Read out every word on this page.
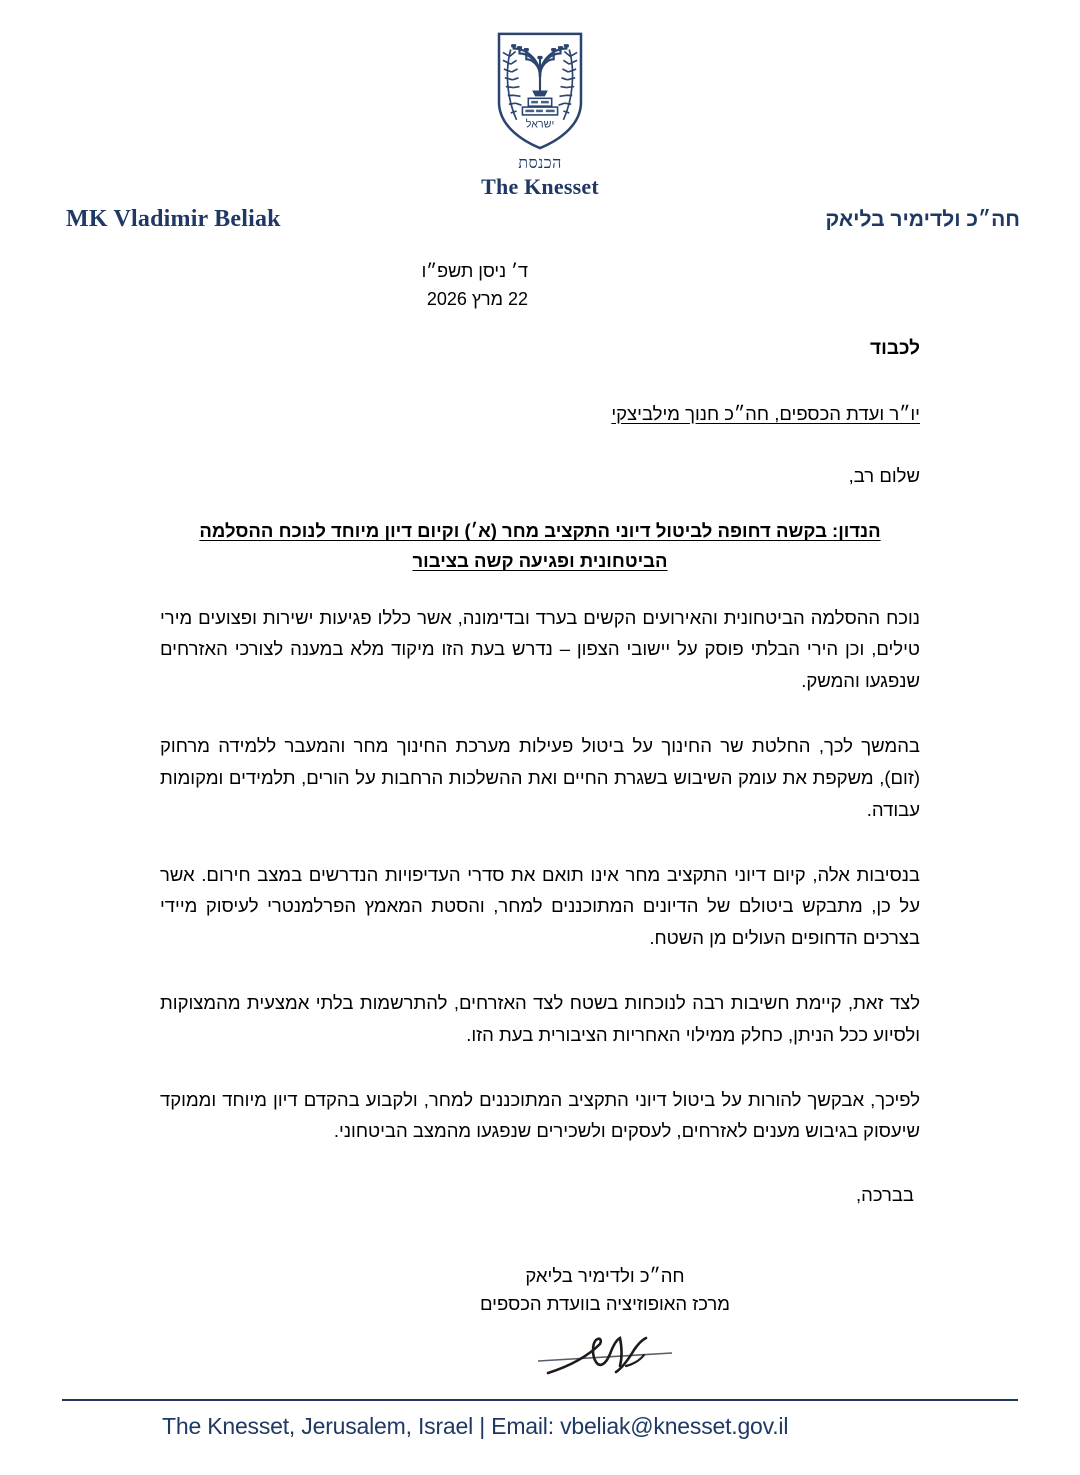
ישראל
הכנסת
The Knesset
MK Vladimir Beliak	חה״כ ולדימיר בליאק
ד׳ ניסן תשפ״ו
22 מרץ 2026
לכבוד
יו״ר ועדת הכספים, חה״כ חנוך מילביצקי
שלום רב,
הנדון: בקשה דחופה לביטול דיוני התקציב מחר (א׳) וקיום דיון מיוחד לנוכח ההסלמה הביטחונית ופגיעה קשה בציבור

נוכח ההסלמה הביטחונית והאירועים הקשים בערד ובדימונה, אשר כללו פגיעות ישירות ופצועים מירי טילים, וכן הירי הבלתי פוסק על יישובי הצפון – נדרש בעת הזו מיקוד מלא במענה לצורכי האזרחים שנפגעו והמשק.

בהמשך לכך, החלטת שר החינוך על ביטול פעילות מערכת החינוך מחר והמעבר ללמידה מרחוק (זום), משקפת את עומק השיבוש בשגרת החיים ואת ההשלכות הרחבות על הורים, תלמידים ומקומות עבודה.

בנסיבות אלה, קיום דיוני התקציב מחר אינו תואם את סדרי העדיפויות הנדרשים במצב חירום. אשר על כן, מתבקש ביטולם של הדיונים המתוכננים למחר, והסטת המאמץ הפרלמנטרי לעיסוק מיידי בצרכים הדחופים העולים מן השטח.

לצד זאת, קיימת חשיבות רבה לנוכחות בשטח לצד האזרחים, להתרשמות בלתי אמצעית מהמצוקות ולסיוע ככל הניתן, כחלק ממילוי האחריות הציבורית בעת הזו.

לפיכך, אבקשך להורות על ביטול דיוני התקציב המתוכננים למחר, ולקבוע בהקדם דיון מיוחד וממוקד שיעסוק בגיבוש מענים לאזרחים, לעסקים ולשכירים שנפגעו מהמצב הביטחוני.

בברכה,
חה״כ ולדימיר בליאק
מרכז האופוזיציה בוועדת הכספים
The Knesset, Jerusalem, Israel | Email: vbeliak@knesset.gov.il
